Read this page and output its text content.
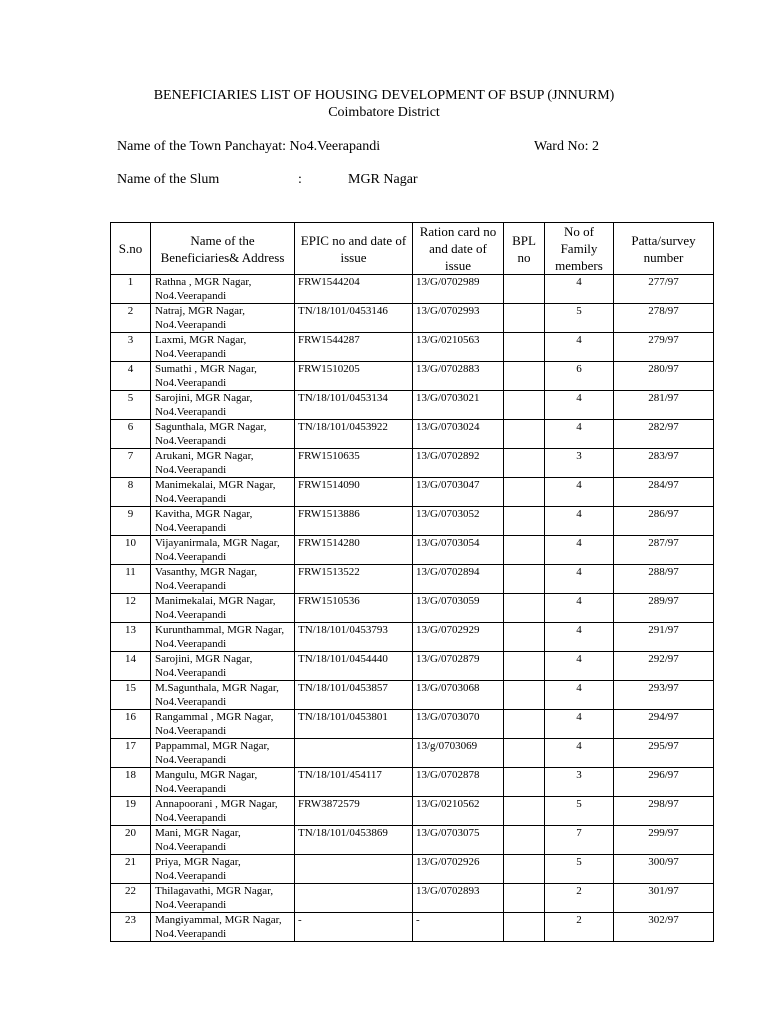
BENEFICIARIES LIST OF HOUSING DEVELOPMENT OF BSUP (JNNURM)
Coimbatore District
Name of the Town Panchayat: No4.Veerapandi	Ward No: 2
Name of the Slum	:	MGR Nagar
S.no	Name of the Beneficiaries& Address	EPIC no and date of issue	Ration card no and date of issue	BPL no	No of Family members	Patta/survey number
1	Rathna , MGR Nagar, No4.Veerapandi	FRW1544204	13/G/0702989		4	277/97
2	Natraj, MGR Nagar, No4.Veerapandi	TN/18/101/0453146	13/G/0702993		5	278/97
3	Laxmi, MGR Nagar, No4.Veerapandi	FRW1544287	13/G/0210563		4	279/97
4	Sumathi , MGR Nagar, No4.Veerapandi	FRW1510205	13/G/0702883		6	280/97
5	Sarojini, MGR Nagar, No4.Veerapandi	TN/18/101/0453134	13/G/0703021		4	281/97
6	Sagunthala, MGR Nagar, No4.Veerapandi	TN/18/101/0453922	13/G/0703024		4	282/97
7	Arukani, MGR Nagar, No4.Veerapandi	FRW1510635	13/G/0702892		3	283/97
8	Manimekalai, MGR Nagar, No4.Veerapandi	FRW1514090	13/G/0703047		4	284/97
9	Kavitha, MGR Nagar, No4.Veerapandi	FRW1513886	13/G/0703052		4	286/97
10	Vijayanirmala, MGR Nagar, No4.Veerapandi	FRW1514280	13/G/0703054		4	287/97
11	Vasanthy, MGR Nagar, No4.Veerapandi	FRW1513522	13/G/0702894		4	288/97
12	Manimekalai, MGR Nagar, No4.Veerapandi	FRW1510536	13/G/0703059		4	289/97
13	Kurunthammal, MGR Nagar, No4.Veerapandi	TN/18/101/0453793	13/G/0702929		4	291/97
14	Sarojini, MGR Nagar, No4.Veerapandi	TN/18/101/0454440	13/G/0702879		4	292/97
15	M.Sagunthala, MGR Nagar, No4.Veerapandi	TN/18/101/0453857	13/G/0703068		4	293/97
16	Rangammal , MGR Nagar, No4.Veerapandi	TN/18/101/0453801	13/G/0703070		4	294/97
17	Pappammal, MGR Nagar, No4.Veerapandi		13/g/0703069		4	295/97
18	Mangulu, MGR Nagar, No4.Veerapandi	TN/18/101/454117	13/G/0702878		3	296/97
19	Annapoorani , MGR Nagar, No4.Veerapandi	FRW3872579	13/G/0210562		5	298/97
20	Mani, MGR Nagar, No4.Veerapandi	TN/18/101/0453869	13/G/0703075		7	299/97
21	Priya, MGR Nagar, No4.Veerapandi		13/G/0702926		5	300/97
22	Thilagavathi, MGR Nagar, No4.Veerapandi		13/G/0702893		2	301/97
23	Mangiyammal, MGR Nagar, No4.Veerapandi	-	-		2	302/97
